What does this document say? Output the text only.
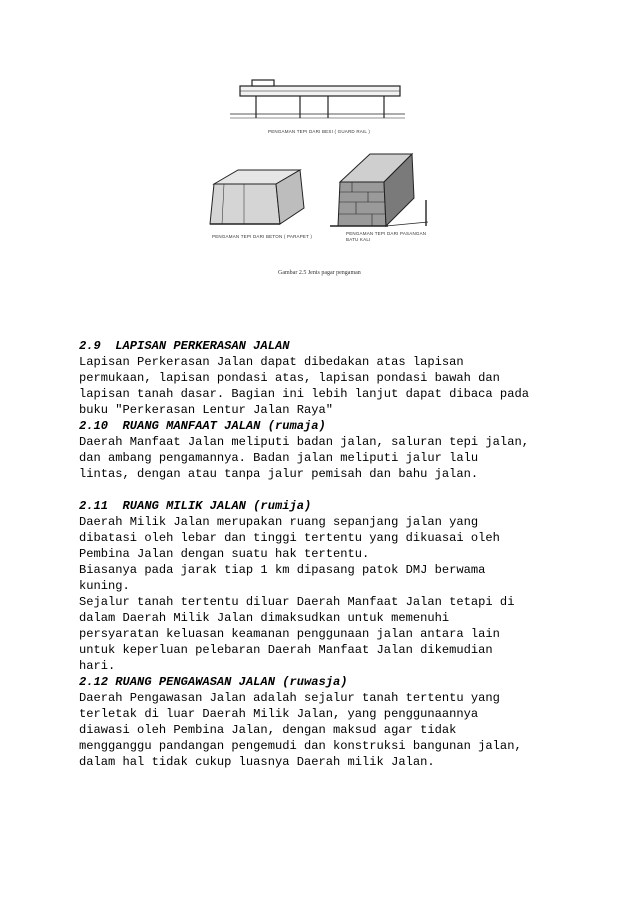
PENGAMAN TEPI DARI BESI ( GUARD RAIL )
PENGAMAN TEPI DARI BETON ( PARAPET )
PENGAMAN TEPI DARI PASANGAN
BATU KALI
Gambar 2.5 Jenis pagar pengaman
2.9  LAPISAN PERKERASAN JALAN
Lapisan Perkerasan Jalan dapat dibedakan atas lapisan
permukaan, lapisan pondasi atas, lapisan pondasi bawah dan
lapisan tanah dasar. Bagian ini lebih lanjut dapat dibaca pada
buku "Perkerasan Lentur Jalan Raya"
2.10  RUANG MANFAAT JALAN (rumaja)
Daerah Manfaat Jalan meliputi badan jalan, saluran tepi jalan,
dan ambang pengamannya. Badan jalan meliputi jalur lalu
lintas, dengan atau tanpa jalur pemisah dan bahu jalan.
2.11  RUANG MILIK JALAN (rumija)
Daerah Milik Jalan merupakan ruang sepanjang jalan yang
dibatasi oleh lebar dan tinggi tertentu yang dikuasai oleh
Pembina Jalan dengan suatu hak tertentu.
Biasanya pada jarak tiap 1 km dipasang patok DMJ berwama
kuning.
Sejalur tanah tertentu diluar Daerah Manfaat Jalan tetapi di
dalam Daerah Milik Jalan dimaksudkan untuk memenuhi
persyaratan keluasan keamanan penggunaan jalan antara lain
untuk keperluan pelebaran Daerah Manfaat Jalan dikemudian
hari.
2.12 RUANG PENGAWASAN JALAN (ruwasja)
Daerah Pengawasan Jalan adalah sejalur tanah tertentu yang
terletak di luar Daerah Milik Jalan, yang penggunaannya
diawasi oleh Pembina Jalan, dengan maksud agar tidak
mengganggu pandangan pengemudi dan konstruksi bangunan jalan,
dalam hal tidak cukup luasnya Daerah milik Jalan.
